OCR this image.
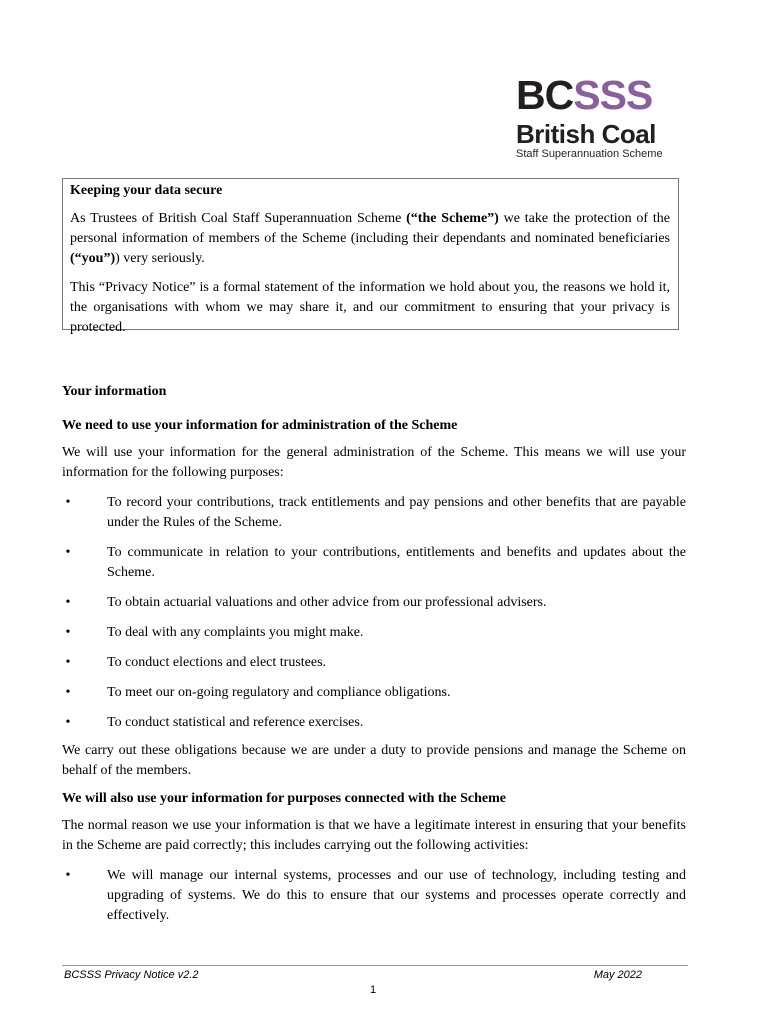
BCSSS
British Coal
Staff Superannuation Scheme

Keeping your data secure

As Trustees of British Coal Staff Superannuation Scheme (“the Scheme”) we take the protection of the personal information of members of the Scheme (including their dependants and nominated beneficiaries (“you”)) very seriously.

This “Privacy Notice” is a formal statement of the information we hold about you, the reasons we hold it, the organisations with whom we may share it, and our commitment to ensuring that your privacy is protected.

Your information

We need to use your information for administration of the Scheme

We will use your information for the general administration of the Scheme. This means we will use your information for the following purposes:

•	To record your contributions, track entitlements and pay pensions and other benefits that are payable under the Rules of the Scheme.
•	To communicate in relation to your contributions, entitlements and benefits and updates about the Scheme.
•	To obtain actuarial valuations and other advice from our professional advisers.
•	To deal with any complaints you might make.
•	To conduct elections and elect trustees.
•	To meet our on-going regulatory and compliance obligations.
•	To conduct statistical and reference exercises.

We carry out these obligations because we are under a duty to provide pensions and manage the Scheme on behalf of the members.

We will also use your information for purposes connected with the Scheme

The normal reason we use your information is that we have a legitimate interest in ensuring that your benefits in the Scheme are paid correctly; this includes carrying out the following activities:

•	We will manage our internal systems, processes and our use of technology, including testing and upgrading of systems. We do this to ensure that our systems and processes operate correctly and effectively.
BCSSS Privacy Notice v2.2	May 2022
1
